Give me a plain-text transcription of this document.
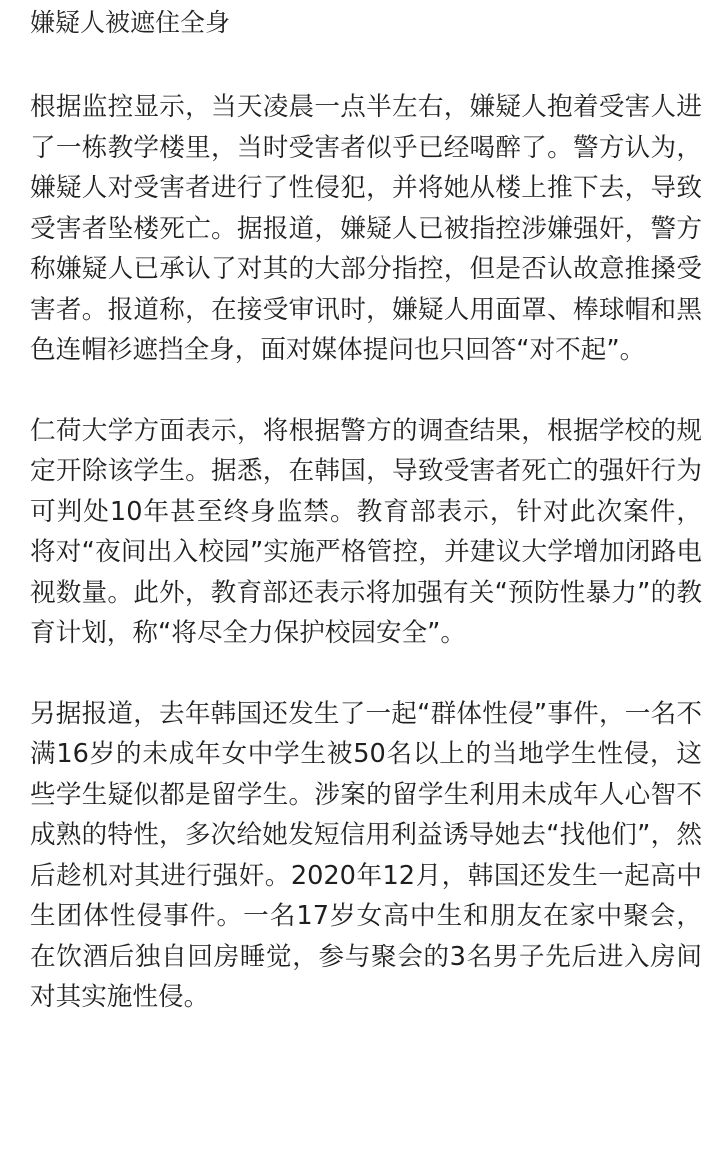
嫌疑人被遮住全身

根据监控显示，当天凌晨一点半左右，嫌疑人抱着受害人进了一栋教学楼里，当时受害者似乎已经喝醉了。警方认为，嫌疑人对受害者进行了性侵犯，并将她从楼上推下去，导致受害者坠楼死亡。据报道，嫌疑人已被指控涉嫌强奸，警方称嫌疑人已承认了对其的大部分指控，但是否认故意推搡受害者。报道称，在接受审讯时，嫌疑人用面罩、棒球帽和黑色连帽衫遮挡全身，面对媒体提问也只回答“对不起”。

仁荷大学方面表示，将根据警方的调查结果，根据学校的规定开除该学生。据悉，在韩国，导致受害者死亡的强奸行为可判处10年甚至终身监禁。教育部表示，针对此次案件，将对“夜间出入校园”实施严格管控，并建议大学增加闭路电视数量。此外，教育部还表示将加强有关“预防性暴力”的教育计划，称“将尽全力保护校园安全”。

另据报道，去年韩国还发生了一起“群体性侵”事件，一名不满16岁的未成年女中学生被50名以上的当地学生性侵，这些学生疑似都是留学生。涉案的留学生利用未成年人心智不成熟的特性，多次给她发短信用利益诱导她去“找他们”，然后趁机对其进行强奸。2020年12月，韩国还发生一起高中生团体性侵事件。一名17岁女高中生和朋友在家中聚会，在饮酒后独自回房睡觉，参与聚会的3名男子先后进入房间对其实施性侵。
